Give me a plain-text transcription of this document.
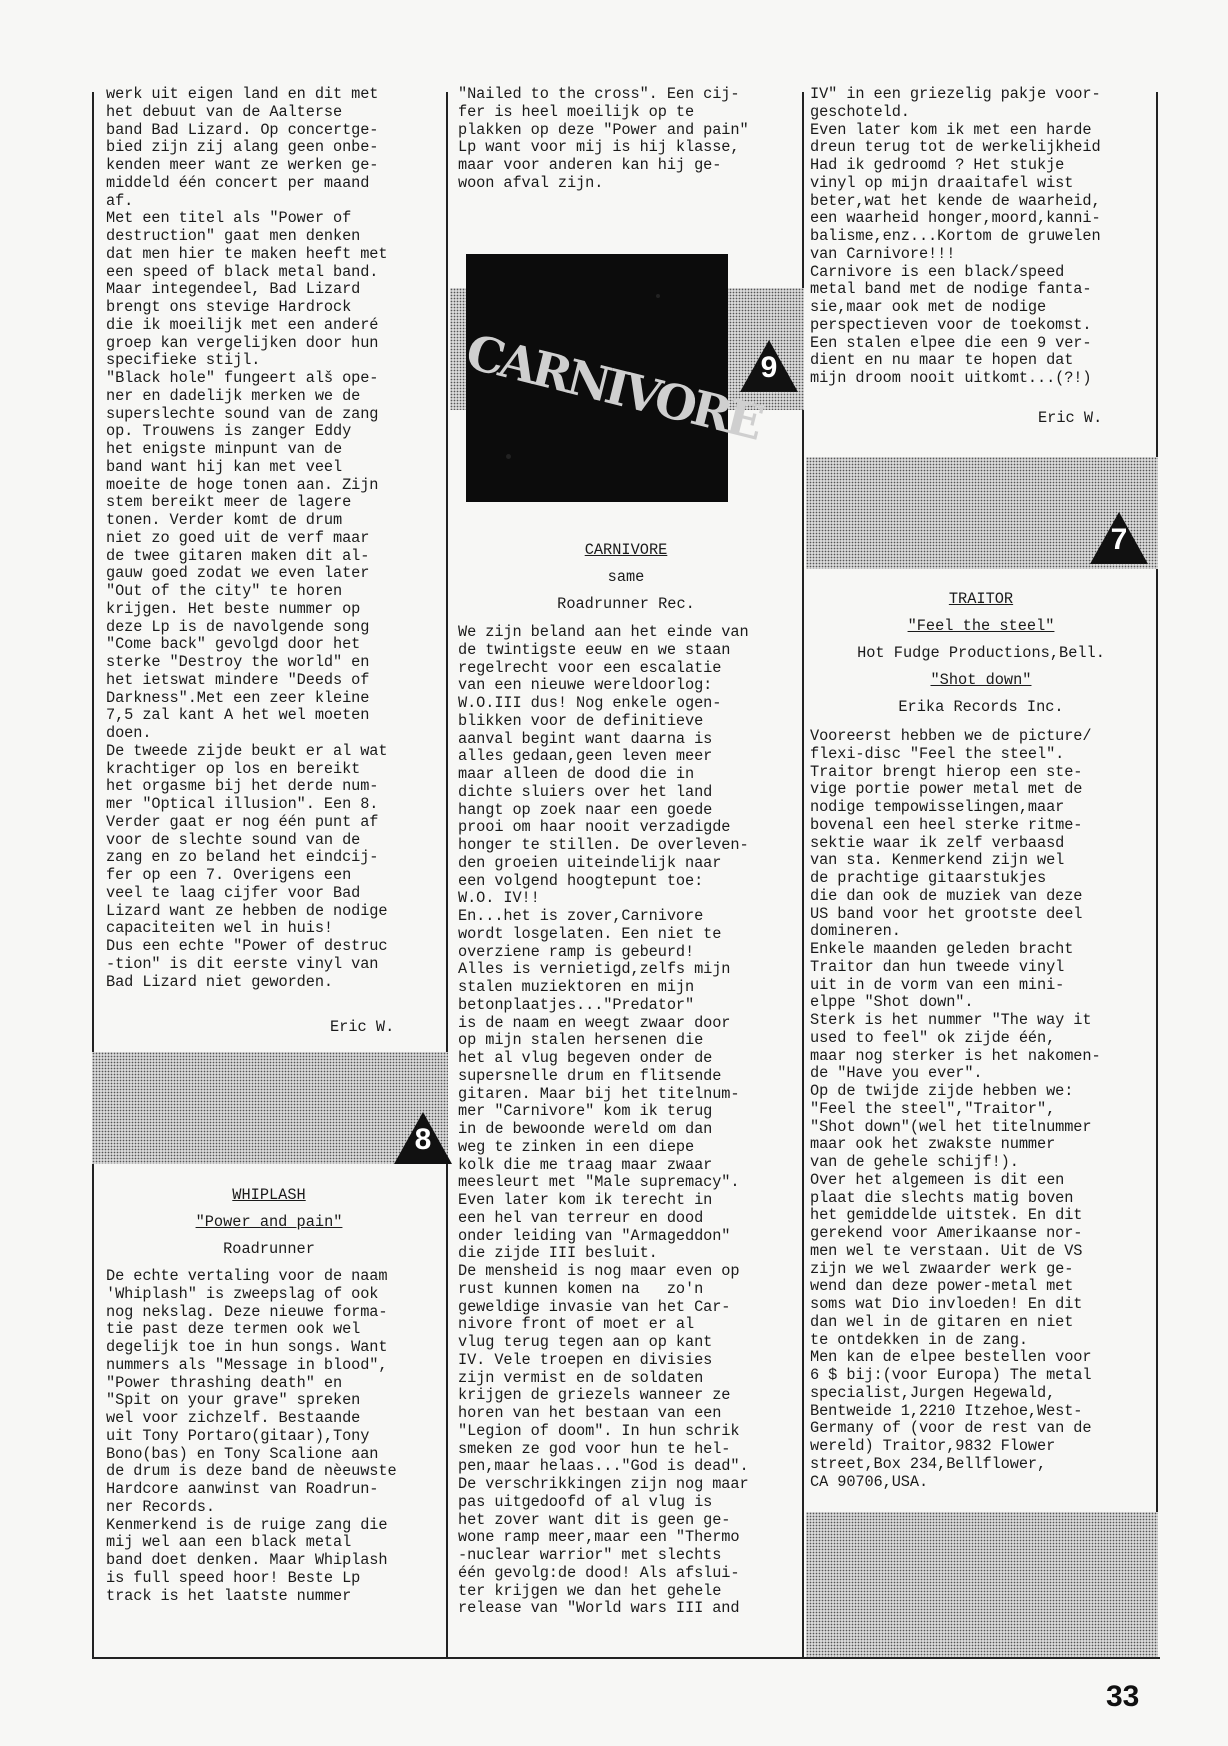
werk uit eigen land en dit met
het debuut van de Aalterse
band Bad Lizard. Op concertge-
bied zijn zij alang geen onbe-
kenden meer want ze werken ge-
middeld één concert per maand
af.
Met een titel als "Power of
destruction" gaat men denken
dat men hier te maken heeft met
een speed of black metal band.
Maar integendeel, Bad Lizard
brengt ons stevige Hardrock
die ik moeilijk met een anderé
groep kan vergelijken door hun
specifieke stijl.
"Black hole" fungeert alš ope-
ner en dadelijk merken we de
superslechte sound van de zang
op. Trouwens is zanger Eddy
het enigste minpunt van de
band want hij kan met veel
moeite de hoge tonen aan. Zijn
stem bereikt meer de lagere
tonen. Verder komt de drum
niet zo goed uit de verf maar
de twee gitaren maken dit al-
gauw goed zodat we even later
"Out of the city" te horen
krijgen. Het beste nummer op
deze Lp is de navolgende song
"Come back" gevolgd door het
sterke "Destroy the world" en
het ietswat mindere "Deeds of
Darkness".Met een zeer kleine
7,5 zal kant A het wel moeten
doen.
De tweede zijde beukt er al wat
krachtiger op los en bereikt
het orgasme bij het derde num-
mer "Optical illusion". Een 8.
Verder gaat er nog één punt af
voor de slechte sound van de
zang en zo beland het eindcij-
fer op een 7. Overigens een
veel te laag cijfer voor Bad
Lizard want ze hebben de nodige
capaciteiten wel in huis!
Dus een echte "Power of destruc
-tion" is dit eerste vinyl van
Bad Lizard niet geworden.
Eric W.
8
WHIPLASH
"Power and pain"
Roadrunner
De echte vertaling voor de naam
'Whiplash" is zweepslag of ook
nog nekslag. Deze nieuwe forma-
tie past deze termen ook wel
degelijk toe in hun songs. Want
nummers als "Message in blood",
"Power thrashing death" en
"Spit on your grave" spreken
wel voor zichzelf. Bestaande
uit Tony Portaro(gitaar),Tony
Bono(bas) en Tony Scalione aan
de drum is deze band de nèeuwste
Hardcore aanwinst van Roadrun-
ner Records.
Kenmerkend is de ruige zang die
mij wel aan een black metal
band doet denken. Maar Whiplash
is full speed hoor! Beste Lp
track is het laatste nummer
"Nailed to the cross". Een cij-
fer is heel moeilijk op te
plakken op deze "Power and pain"
Lp want voor mij is hij klasse,
maar voor anderen kan hij ge-
woon afval zijn.
CARNIVORE
9
CARNIVORE
same
Roadrunner Rec.
We zijn beland aan het einde van
de twintigste eeuw en we staan
regelrecht voor een escalatie
van een nieuwe wereldoorlog:
W.O.III dus! Nog enkele ogen-
blikken voor de definitieve
aanval begint want daarna is
alles gedaan,geen leven meer
maar alleen de dood die in
dichte sluiers over het land
hangt op zoek naar een goede
prooi om haar nooit verzadigde
honger te stillen. De overleven-
den groeien uiteindelijk naar
een volgend hoogtepunt toe:
W.O. IV!!
En...het is zover,Carnivore
wordt losgelaten. Een niet te
overziene ramp is gebeurd!
Alles is vernietigd,zelfs mijn
stalen muziektoren en mijn
betonplaatjes..."Predator"
is de naam en weegt zwaar door
op mijn stalen hersenen die
het al vlug begeven onder de
supersnelle drum en flitsende
gitaren. Maar bij het titelnum-
mer "Carnivore" kom ik terug
in de bewoonde wereld om dan
weg te zinken in een diepe
kolk die me traag maar zwaar
meesleurt met "Male supremacy".
Even later kom ik terecht in
een hel van terreur en dood
onder leiding van "Armageddon"
die zijde III besluit.
De mensheid is nog maar even op
rust kunnen komen na   zo'n
geweldige invasie van het Car-
nivore front of moet er al
vlug terug tegen aan op kant
IV. Vele troepen en divisies
zijn vermist en de soldaten
krijgen de griezels wanneer ze
horen van het bestaan van een
"Legion of doom". In hun schrik
smeken ze god voor hun te hel-
pen,maar helaas..."God is dead".
De verschrikkingen zijn nog maar
pas uitgedoofd of al vlug is
het zover want dit is geen ge-
wone ramp meer,maar een "Thermo
-nuclear warrior" met slechts
één gevolg:de dood! Als afslui-
ter krijgen we dan het gehele
release van "World wars III and
IV" in een griezelig pakje voor-
geschoteld.
Even later kom ik met een harde
dreun terug tot de werkelijkheid
Had ik gedroomd ? Het stukje
vinyl op mijn draaitafel wist
beter,wat het kende de waarheid,
een waarheid honger,moord,kanni-
balisme,enz...Kortom de gruwelen
van Carnivore!!!
Carnivore is een black/speed
metal band met de nodige fanta-
sie,maar ook met de nodige
perspectieven voor de toekomst.
Een stalen elpee die een 9 ver-
dient en nu maar te hopen dat
mijn droom nooit uitkomt...(?!)
Eric W.
7
TRAITOR
"Feel the steel"
Hot Fudge Productions,Bell.
"Shot down"
Erika Records Inc.
Vooreerst hebben we de picture/
flexi-disc "Feel the steel".
Traitor brengt hierop een ste-
vige portie power metal met de
nodige tempowisselingen,maar
bovenal een heel sterke ritme-
sektie waar ik zelf verbaasd
van sta. Kenmerkend zijn wel
de prachtige gitaarstukjes
die dan ook de muziek van deze
US band voor het grootste deel
domineren.
Enkele maanden geleden bracht
Traitor dan hun tweede vinyl
uit in de vorm van een mini-
elppe "Shot down".
Sterk is het nummer "The way it
used to feel" ok zijde één,
maar nog sterker is het nakomen-
de "Have you ever".
Op de twijde zijde hebben we:
"Feel the steel","Traitor",
"Shot down"(wel het titelnummer
maar ook het zwakste nummer
van de gehele schijf!).
Over het algemeen is dit een
plaat die slechts matig boven
het gemiddelde uitstek. En dit
gerekend voor Amerikaanse nor-
men wel te verstaan. Uit de VS
zijn we wel zwaarder werk ge-
wend dan deze power-metal met
soms wat Dio invloeden! En dit
dan wel in de gitaren en niet
te ontdekken in de zang.
Men kan de elpee bestellen voor
6 $ bij:(voor Europa) The metal
specialist,Jurgen Hegewald,
Bentweide 1,2210 Itzehoe,West-
Germany of (voor de rest van de
wereld) Traitor,9832 Flower
street,Box 234,Bellflower,
CA 90706,USA.
33
